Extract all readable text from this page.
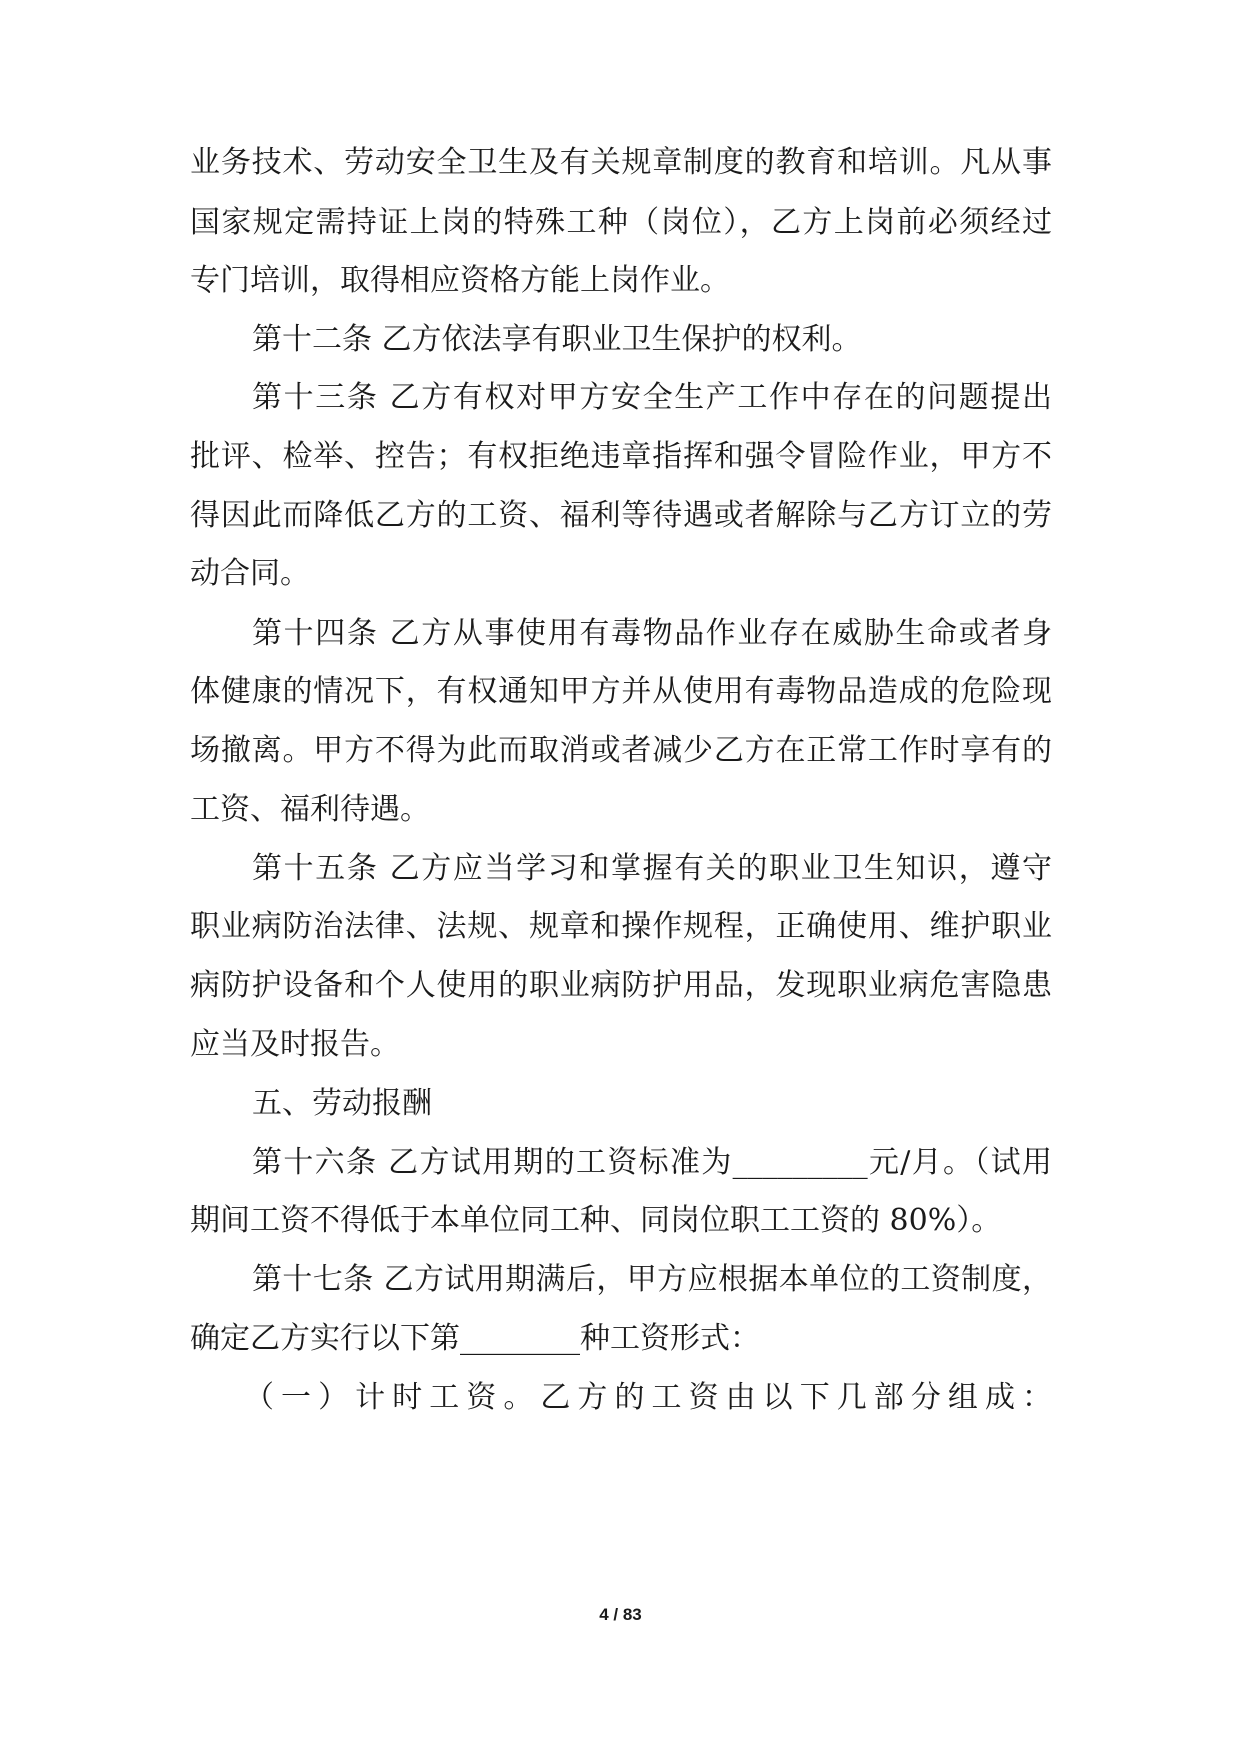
业务技术、劳动安全卫生及有关规章制度的教育和培训。凡从事
国家规定需持证上岗的特殊工种（岗位），乙方上岗前必须经过
专门培训，取得相应资格方能上岗作业。
第十二条 乙方依法享有职业卫生保护的权利。
第十三条 乙方有权对甲方安全生产工作中存在的问题提出
批评、检举、控告；有权拒绝违章指挥和强令冒险作业，甲方不
得因此而降低乙方的工资、福利等待遇或者解除与乙方订立的劳
动合同。
第十四条 乙方从事使用有毒物品作业存在威胁生命或者身
体健康的情况下，有权通知甲方并从使用有毒物品造成的危险现
场撤离。甲方不得为此而取消或者减少乙方在正常工作时享有的
工资、福利待遇。
第十五条 乙方应当学习和掌握有关的职业卫生知识，遵守
职业病防治法律、法规、规章和操作规程，正确使用、维护职业
病防护设备和个人使用的职业病防护用品，发现职业病危害隐患
应当及时报告。
五、劳动报酬
第十六条 乙方试用期的工资标准为_________元/月。（试用
期间工资不得低于本单位同工种、同岗位职工工资的 80%）。
第十七条 乙方试用期满后，甲方应根据本单位的工资制度，
确定乙方实行以下第________种工资形式：
（一）计时工资。乙方的工资由以下几部分组成：
4 / 83
